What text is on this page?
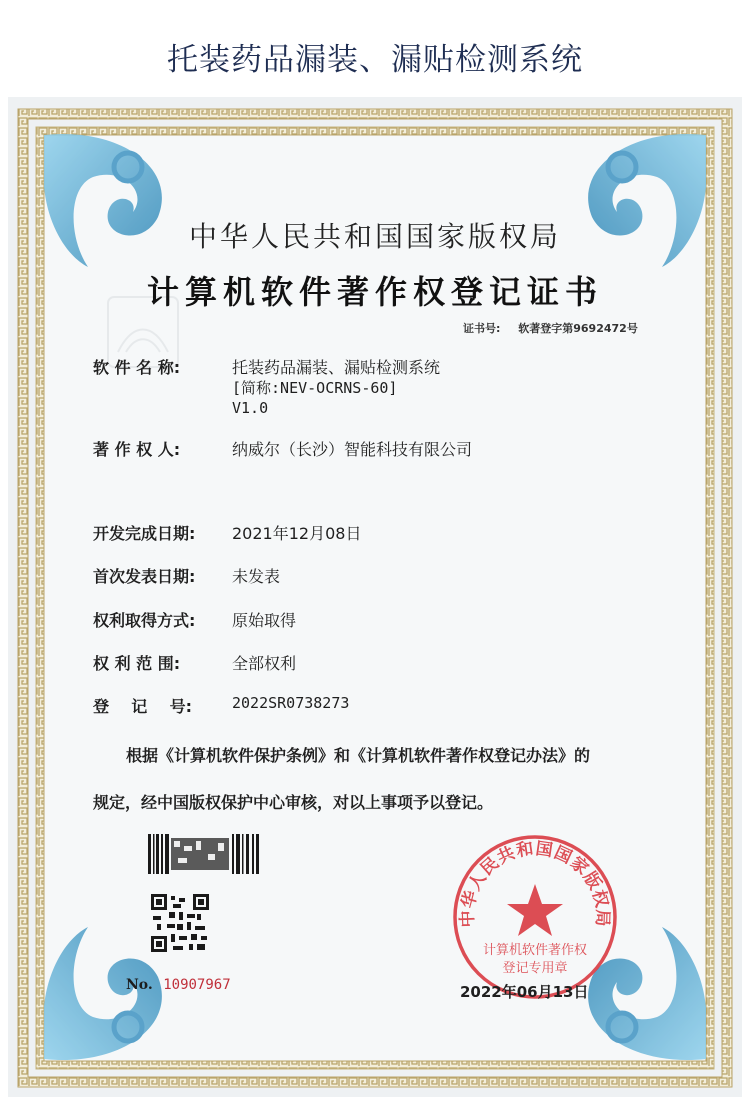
托装药品漏装、漏贴检测系统
中华人民共和国国家版权局
计算机软件著作权登记证书
证书号: 软著登字第9692472号
软 件 名 称:	托装药品漏装、漏贴检测系统
[简称:NEV-OCRNS-60]
V1.0
著 作 权 人:	纳威尔（长沙）智能科技有限公司
开发完成日期: 2021年12月08日
首次发表日期: 未发表
权利取得方式: 原始取得
权 利 范 围:	全部权利
登    记    号:	2022SR0738273
根据《计算机软件保护条例》和《计算机软件著作权登记办法》的
规定，经中国版权保护中心审核，对以上事项予以登记。
No. 10907967
中华人民共和国国家版权局
计算机软件著作权
登记专用章
2022年06月13日
